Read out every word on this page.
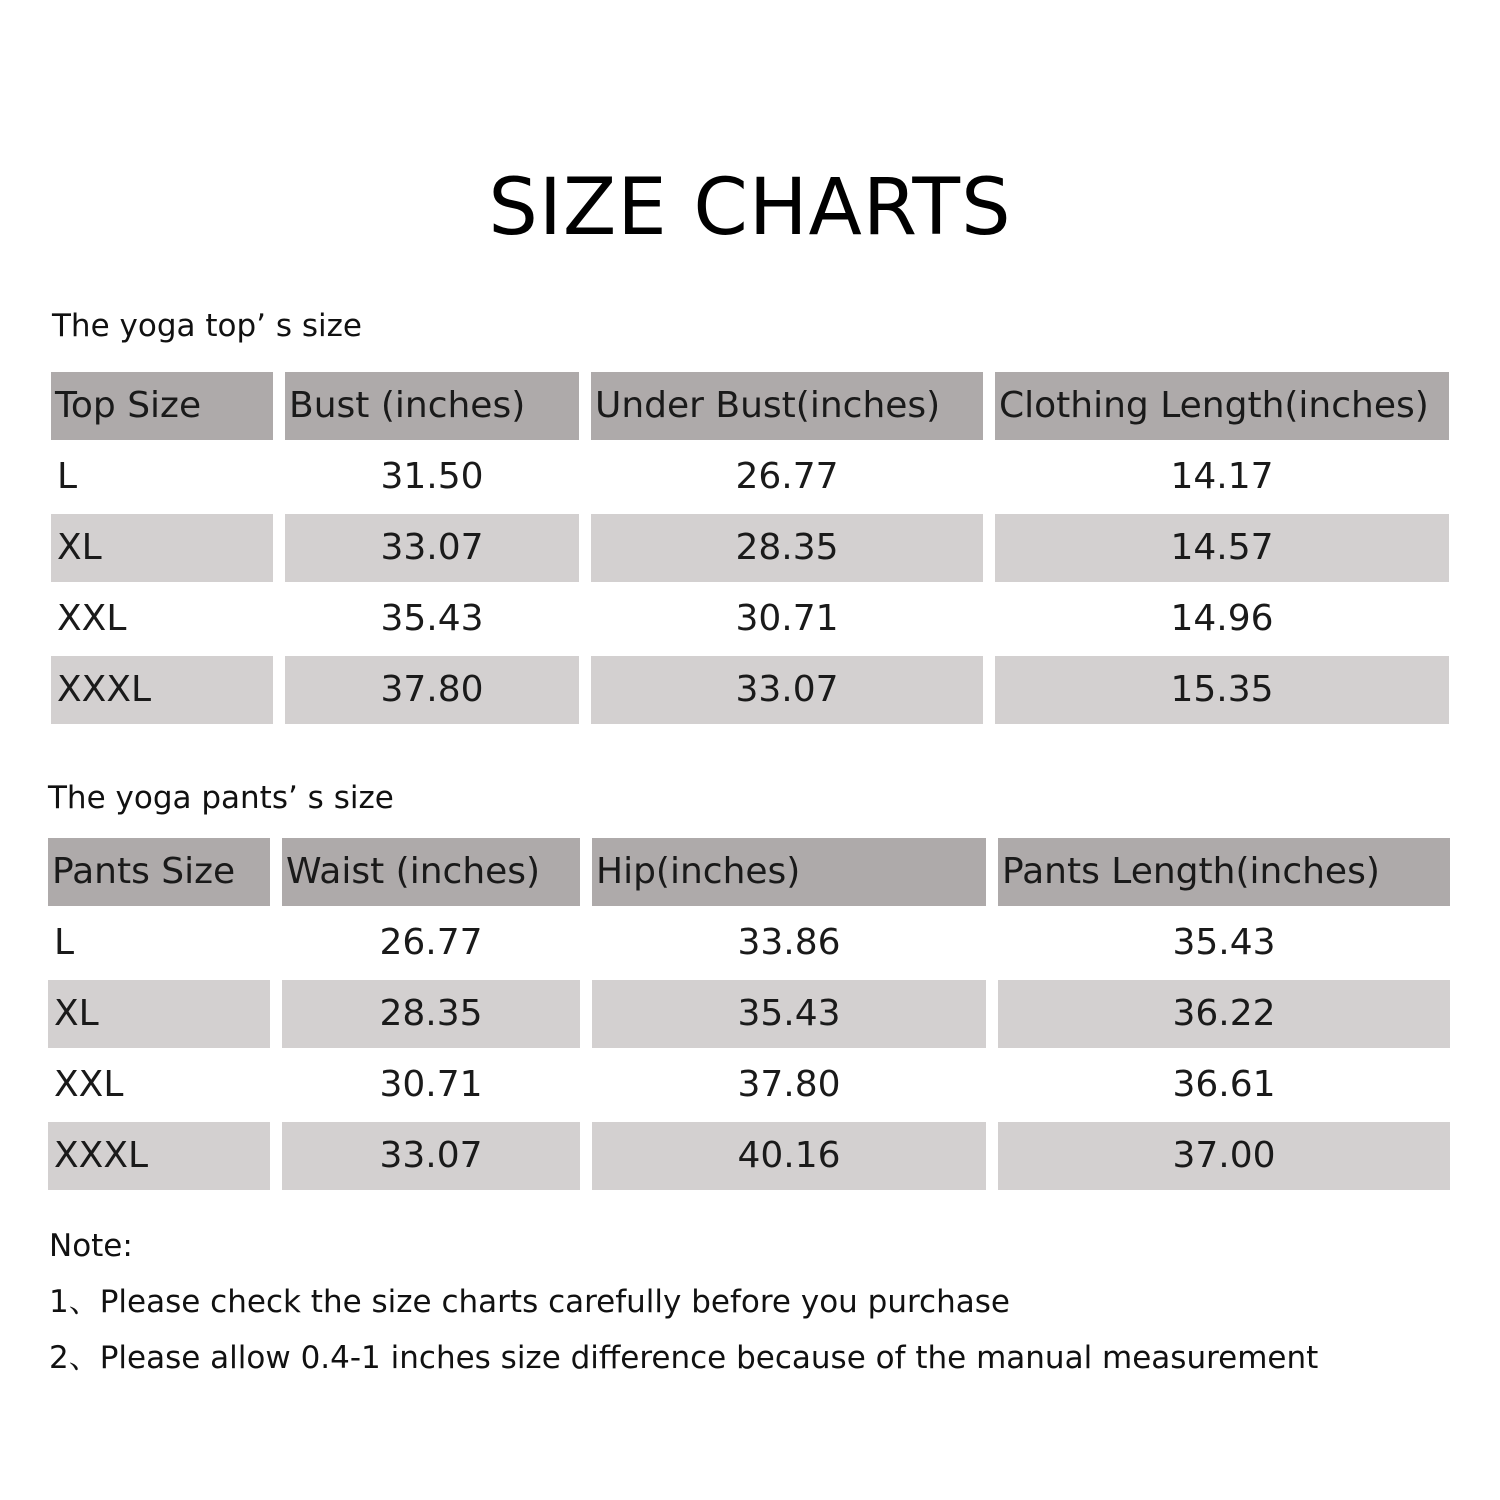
SIZE CHARTS
The yoga top’ s size
Top Size	Bust (inches)	Under Bust(inches)	Clothing Length(inches)
L	31.50	26.77	14.17
XL	33.07	28.35	14.57
XXL	35.43	30.71	14.96
XXXL	37.80	33.07	15.35
The yoga pants’ s size
Pants Size	Waist (inches)	Hip(inches)	Pants Length(inches)
L	26.77	33.86	35.43
XL	28.35	35.43	36.22
XXL	30.71	37.80	36.61
XXXL	33.07	40.16	37.00
Note:
1、Please check the size charts carefully before you purchase
2、Please allow 0.4-1 inches size difference because of the manual measurement
